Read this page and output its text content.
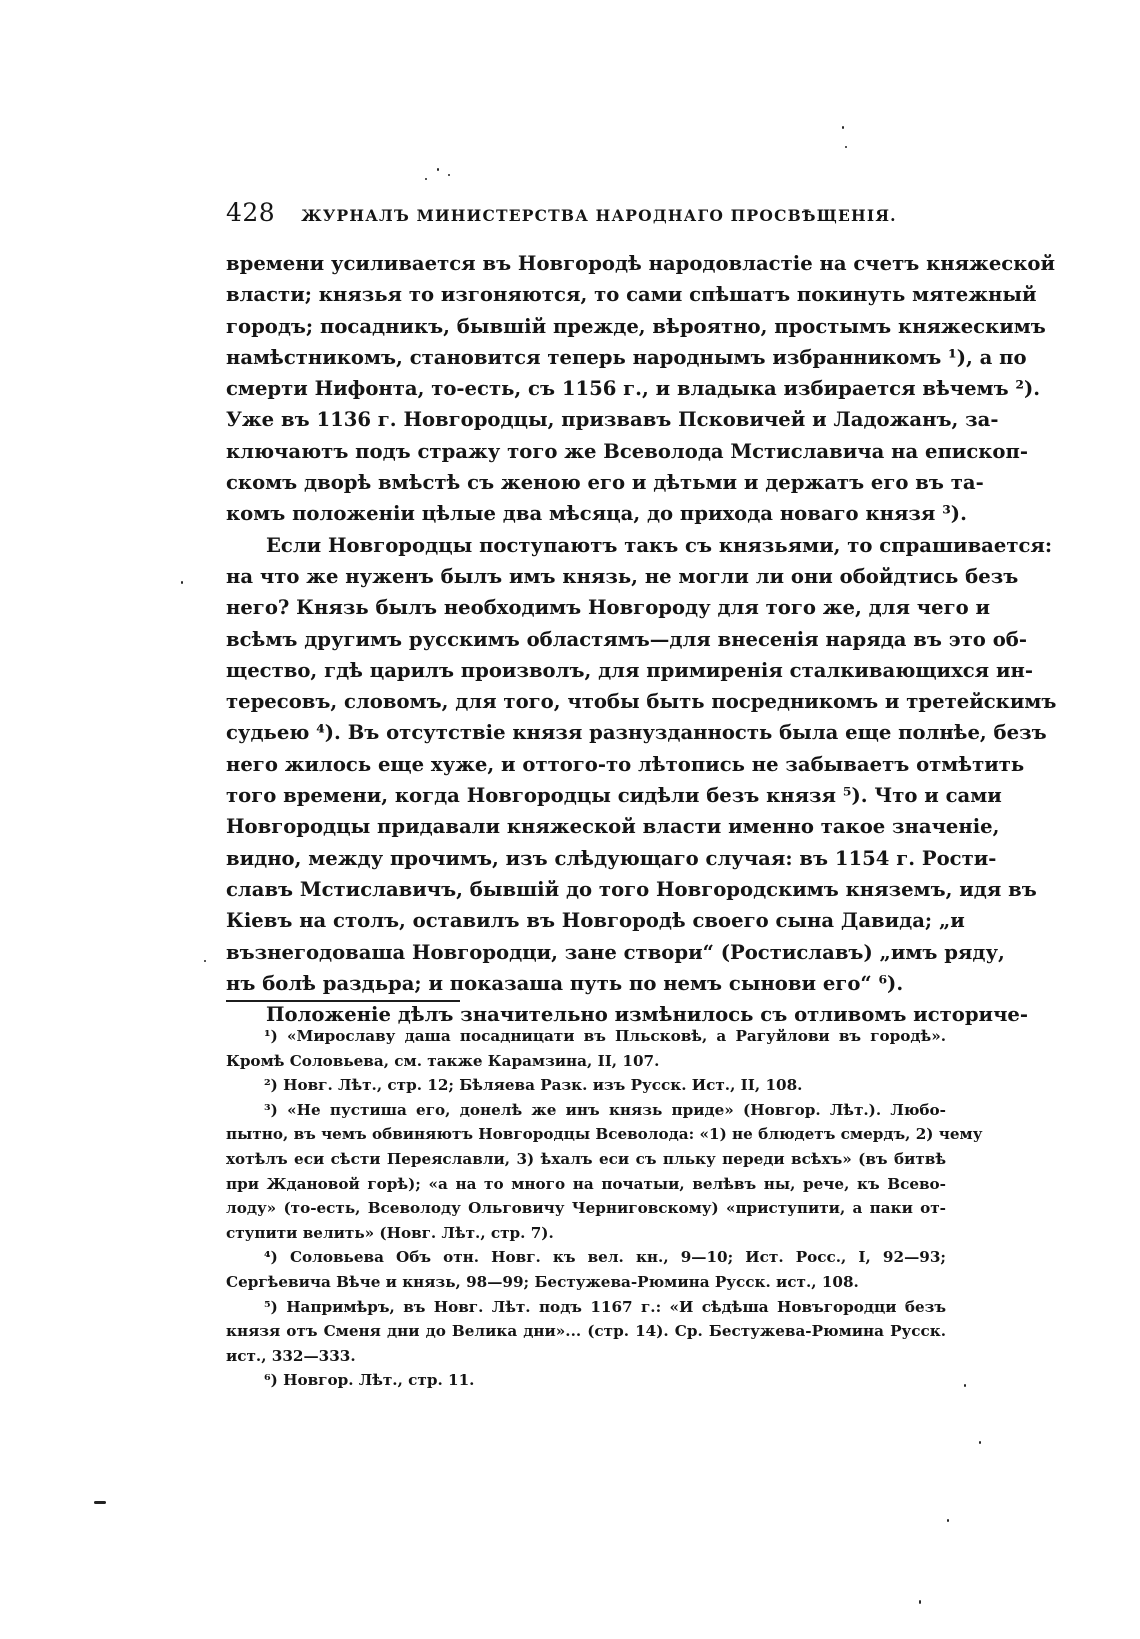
428 ЖУРНАЛЪ МИНИСТЕРСТВА НАРОДНАГО ПРОСВѢЩЕНІЯ.
времени усиливается въ Новгородѣ народовластіе на счетъ княжеской
власти; князья то изгоняются, то сами спѣшатъ покинуть мятежный
городъ; посадникъ, бывшій прежде, вѣроятно, простымъ княжескимъ
намѣстникомъ, становится теперь народнымъ избранникомъ ¹), а по
смерти Нифонта, то-есть, съ 1156 г., и владыка избирается вѣчемъ ²).
Уже въ 1136 г. Новгородцы, призвавъ Псковичей и Ладожанъ, за-
ключаютъ подъ стражу того же Всеволода Мстиславича на епископ-
скомъ дворѣ вмѣстѣ съ женою его и дѣтьми и держатъ его въ та-
комъ положеніи цѣлые два мѣсяца, до прихода новаго князя ³).
Если Новгородцы поступаютъ такъ съ князьями, то спрашивается:
на что же нуженъ былъ имъ князь, не могли ли они обойдтись безъ
него? Князь былъ необходимъ Новгороду для того же, для чего и
всѣмъ другимъ русскимъ областямъ—для внесенія наряда въ это об-
щество, гдѣ царилъ произволъ, для примиренія сталкивающихся ин-
тересовъ, словомъ, для того, чтобы быть посредникомъ и третейскимъ
судьею ⁴). Въ отсутствіе князя разнузданность была еще полнѣе, безъ
него жилось еще хуже, и оттого-то лѣтопись не забываетъ отмѣтить
того времени, когда Новгородцы сидѣли безъ князя ⁵). Что и сами
Новгородцы придавали княжеской власти именно такое значеніе,
видно, между прочимъ, изъ слѣдующаго случая: въ 1154 г. Рости-
славъ Мстиславичъ, бывшій до того Новгородскимъ княземъ, идя въ
Кіевъ на столъ, оставилъ въ Новгородѣ своего сына Давида; „и
възнегодоваша Новгородци, зане створи“ (Ростиславъ) „имъ ряду,
нъ болѣ раздьра; и показаша путь по немъ сынови его“ ⁶).
Положеніе дѣлъ значительно измѣнилось съ отливомъ историче-
¹) «Мирославу даша посадницати въ Пльсковѣ, а Рагуйлови въ городѣ».
Кромѣ Соловьева, см. также Карамзина, II, 107.
²) Новг. Лѣт., стр. 12; Бѣляева Разк. изъ Русск. Ист., II, 108.
³) «Не пустиша его, донелѣ же инъ князь приде» (Новгор. Лѣт.). Любо-
пытно, въ чемъ обвиняютъ Новгородцы Всеволода: «1) не блюдетъ смердъ, 2) чему
хотѣлъ еси сѣсти Переяславли, 3) ѣхалъ еси съ пльку переди всѣхъ» (въ битвѣ
при Ждановой горѣ); «а на то много на початыи, велѣвъ ны, рече, къ Всево-
лоду» (то-есть, Всеволоду Ольговичу Черниговскому) «приступити, а паки от-
ступити велить» (Новг. Лѣт., стр. 7).
⁴) Соловьева Объ отн. Новг. къ вел. кн., 9—10; Ист. Росс., I, 92—93;
Сергѣевича Вѣче и князь, 98—99; Бестужева-Рюмина Русск. ист., 108.
⁵) Напримѣръ, въ Новг. Лѣт. подъ 1167 г.: «И сѣдѣша Новъгородци безъ
князя отъ Сменя дни до Велика дни»... (стр. 14). Ср. Бестужева-Рюмина Русск.
ист., 332—333.
⁶) Новгор. Лѣт., стр. 11.
